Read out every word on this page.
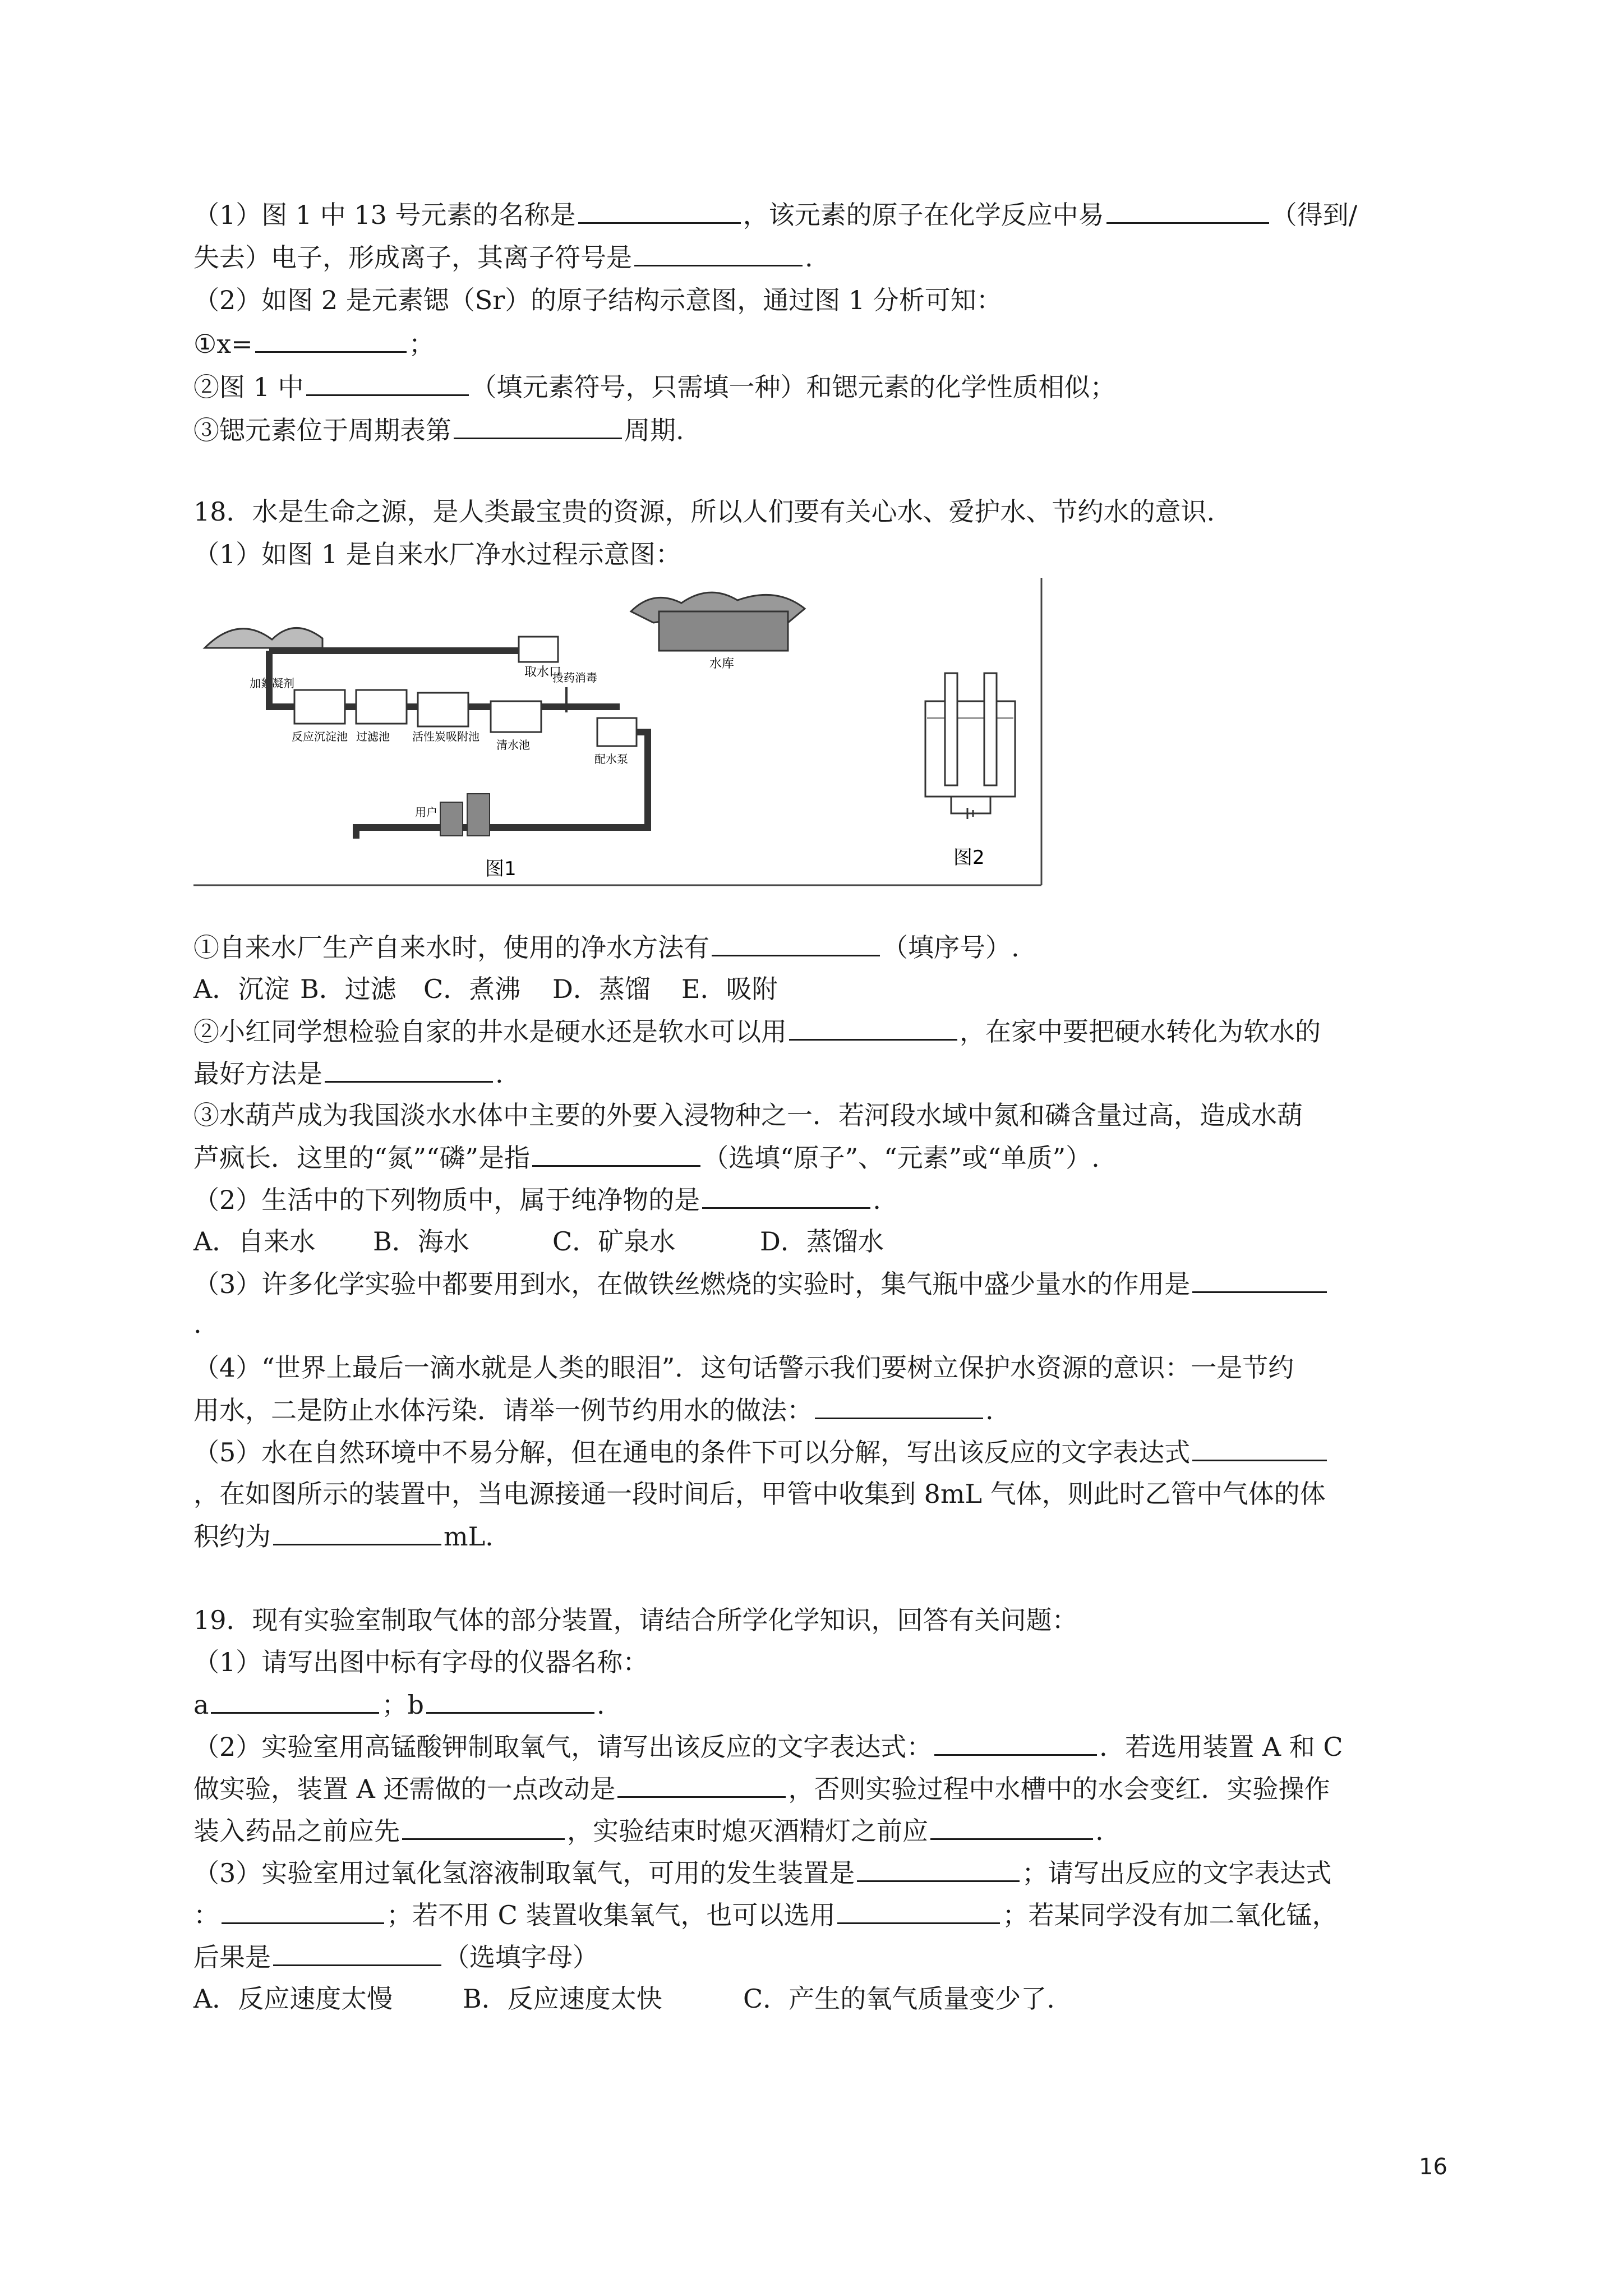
（1）图 1 中 13 号元素的名称是	，该元素的原子在化学反应中易	（得到/
失去）电子，形成离子，其离子符号是	.
（2）如图 2 是元素锶（Sr）的原子结构示意图，通过图 1 分析可知：
①x=	；
②图 1 中	（填元素符号，只需填一种）和锶元素的化学性质相似；
③锶元素位于周期表第	周期.
18．水是生命之源，是人类最宝贵的资源，所以人们要有关心水、爱护水、节约水的意识.
（1）如图 1 是自来水厂净水过程示意图：
取水口
水库
加絮凝剂
反应沉淀池 过滤池 活性炭吸附池
清水池
投药消毒
配水泵
用户
图1	图2
①自来水厂生产自来水时，使用的净水方法有	（填序号）.
A．沉淀 B．过滤 C．煮沸 D．蒸馏 E．吸附
②小红同学想检验自家的井水是硬水还是软水可以用	，在家中要把硬水转化为软水的
最好方法是	.
③水葫芦成为我国淡水水体中主要的外要入浸物种之一．若河段水域中氮和磷含量过高，造成水葫
芦疯长．这里的“氮”“磷”是指	（选填“原子”、“元素”或“单质”）.
（2）生活中的下列物质中，属于纯净物的是	.
A．自来水 B．海水	C．矿泉水	D．蒸馏水
（3）许多化学实验中都要用到水，在做铁丝燃烧的实验时，集气瓶中盛少量水的作用是
.
（4）“世界上最后一滴水就是人类的眼泪”．这句话警示我们要树立保护水资源的意识：一是节约
用水，二是防止水体污染．请举一例节约用水的做法：	.
（5）水在自然环境中不易分解，但在通电的条件下可以分解，写出该反应的文字表达式
，在如图所示的装置中，当电源接通一段时间后，甲管中收集到 8mL 气体，则此时乙管中气体的体
积约为	mL.
19．现有实验室制取气体的部分装置，请结合所学化学知识，回答有关问题：
（1）请写出图中标有字母的仪器名称：
a	；b	.
（2）实验室用高锰酸钾制取氧气，请写出该反应的文字表达式：	．若选用装置 A 和 C
做实验，装置 A 还需做的一点改动是	，否则实验过程中水槽中的水会变红．实验操作
装入药品之前应先	，实验结束时熄灭酒精灯之前应	.
（3）实验室用过氧化氢溶液制取氧气，可用的发生装置是	；请写出反应的文字表达式
：	；若不用 C 装置收集氧气，也可以选用	；若某同学没有加二氧化锰，
后果是	（选填字母）
A．反应速度太慢	B．反应速度太快	C．产生的氧气质量变少了.
16
